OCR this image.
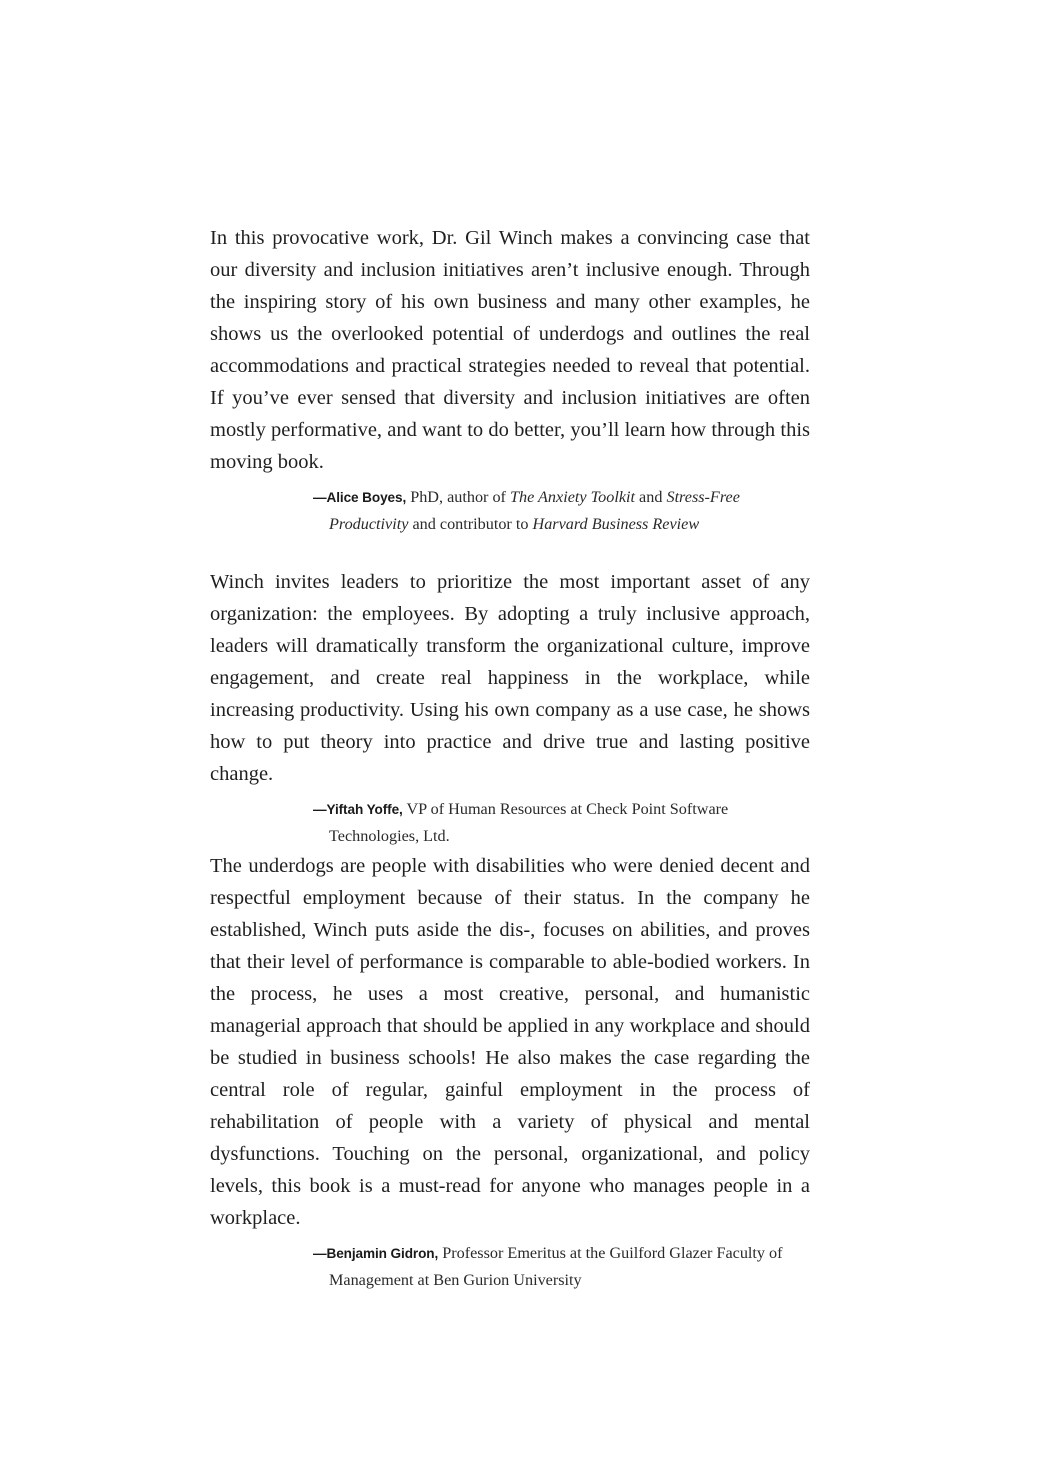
In this provocative work, Dr. Gil Winch makes a convincing case that our diversity and inclusion initiatives aren’t inclusive enough. Through the inspiring story of his own business and many other examples, he shows us the overlooked potential of underdogs and outlines the real accommodations and practical strategies needed to reveal that potential. If you’ve ever sensed that diversity and inclusion initiatives are often mostly performative, and want to do better, you’ll learn how through this moving book.

—Alice Boyes, PhD, author of The Anxiety Toolkit and Stress-Free Productivity and contributor to Harvard Business Review

Winch invites leaders to prioritize the most important asset of any organization: the employees. By adopting a truly inclusive approach, leaders will dramatically transform the organizational culture, improve engagement, and create real happiness in the workplace, while increasing productivity. Using his own company as a use case, he shows how to put theory into practice and drive true and lasting positive change.

—Yiftah Yoffe, VP of Human Resources at Check Point Software Technologies, Ltd.

The underdogs are people with disabilities who were denied decent and respectful employment because of their status. In the company he established, Winch puts aside the dis-, focuses on abilities, and proves that their level of performance is comparable to able-bodied workers. In the process, he uses a most creative, personal, and humanistic managerial approach that should be applied in any workplace and should be studied in business schools! He also makes the case regarding the central role of regular, gainful employment in the process of rehabilitation of people with a variety of physical and mental dysfunctions. Touching on the personal, organizational, and policy levels, this book is a must-read for anyone who manages people in a workplace.

—Benjamin Gidron, Professor Emeritus at the Guilford Glazer Faculty of Management at Ben Gurion University
